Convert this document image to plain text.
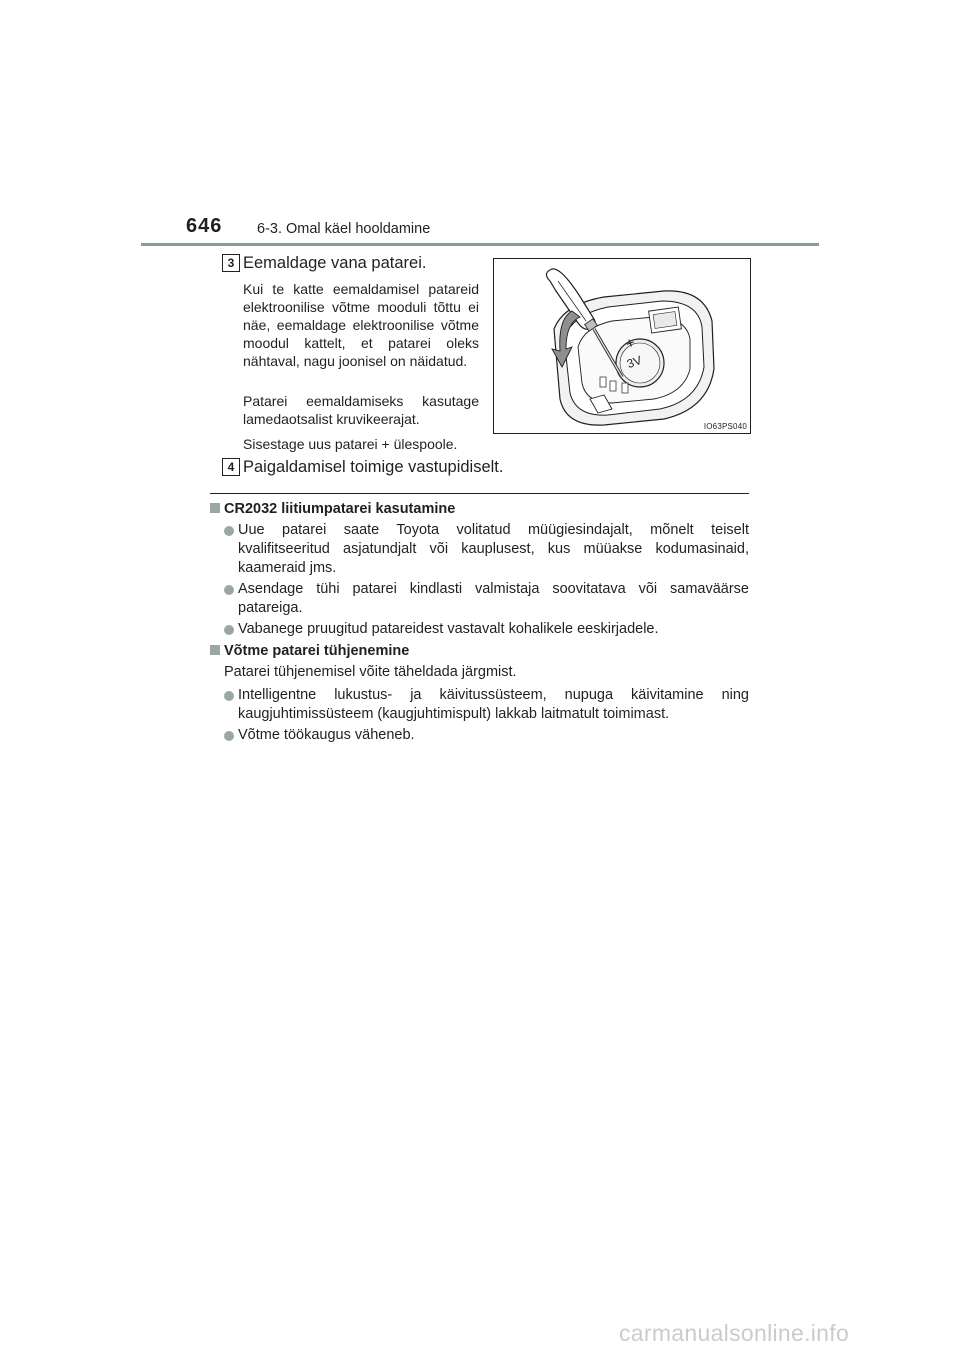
646 6-3. Omal käel hooldamine
3 Eemaldage vana patarei.
Kui te katte eemaldamisel patareid elektroonilise võtme mooduli tõttu ei näe, eemaldage elektroonilise võtme moodul kattelt, et patarei oleks nähtaval, nagu joonisel on näidatud.
Patarei eemaldamiseks kasutage lamedaotsalist kruvikeerajat.
Sisestage uus patarei + ülespoole.
+
3V
IO63PS040
4 Paigaldamisel toimige vastupidiselt.
CR2032 liitiumpatarei kasutamine
Uue patarei saate Toyota volitatud müügiesindajalt, mõnelt teiselt kvalifitseeritud asjatundjalt või kauplusest, kus müüakse kodumasinaid, kaameraid jms.
Asendage tühi patarei kindlasti valmistaja soovitatava või samaväärse patareiga.
Vabanege pruugitud patareidest vastavalt kohalikele eeskirjadele.
Võtme patarei tühjenemine
Patarei tühjenemisel võite täheldada järgmist.
Intelligentne lukustus- ja käivitussüsteem, nupuga käivitamine ning kaugjuhtimissüsteem (kaugjuhtimispult) lakkab laitmatult toimimast.
Võtme töökaugus väheneb.
carmanualsonline.info
